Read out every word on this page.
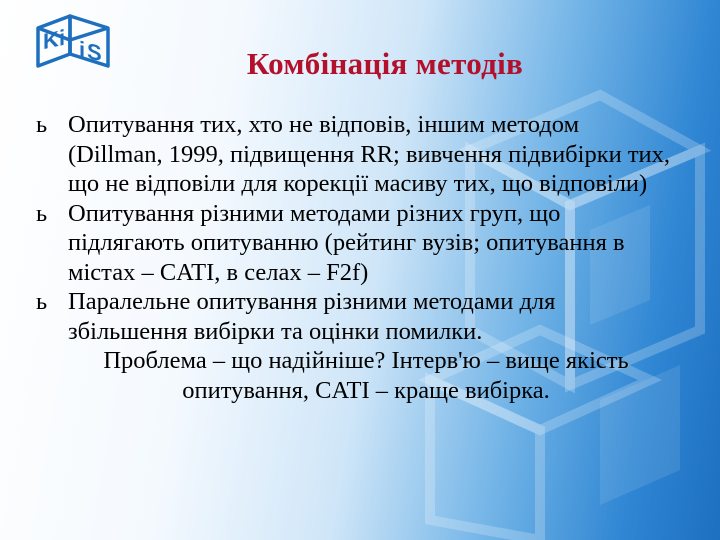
K i i S	Комбінація методів
ь Опитування тих, хто не відповів, іншим методом (Dillman, 1999, підвищення RR; вивчення підвибірки тих, що не відповіли для корекції масиву тих, що відповіли)
ь Опитування різними методами різних груп, що підлягають опитуванню (рейтинг вузів; опитування в містах – CATI, в селах – F2f)
ь Паралельне опитування різними методами для збільшення вибірки та оцінки помилки.
Проблема – що надійніше? Інтерв'ю – вище якість опитування, CATI – краще вибірка.
